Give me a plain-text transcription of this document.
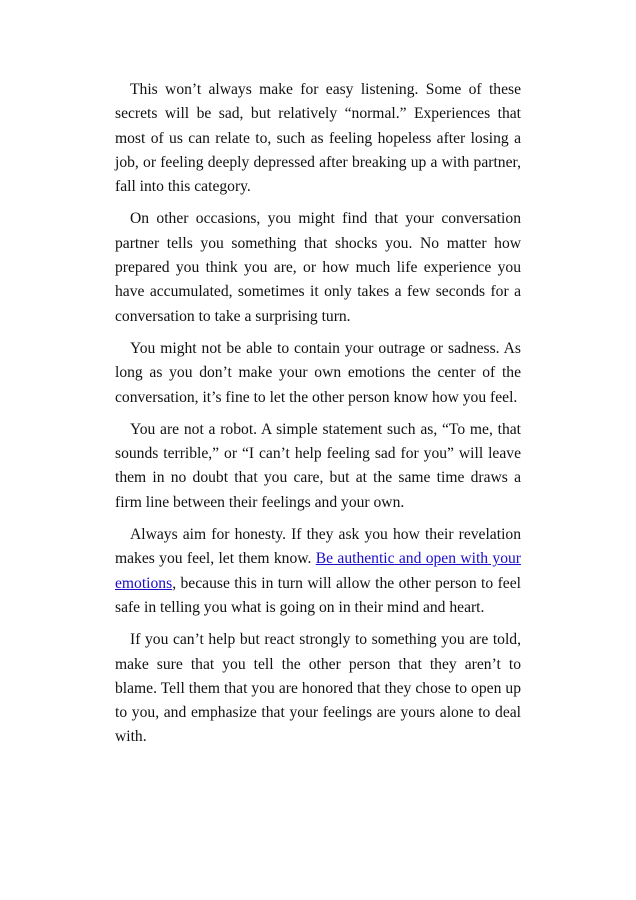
This won’t always make for easy listening. Some of these secrets will be sad, but relatively “normal.” Experiences that most of us can relate to, such as feeling hopeless after losing a job, or feeling deeply depressed after breaking up a with partner, fall into this category.

On other occasions, you might find that your conversation partner tells you something that shocks you. No matter how prepared you think you are, or how much life experience you have accumulated, sometimes it only takes a few seconds for a conversation to take a surprising turn.

You might not be able to contain your outrage or sadness. As long as you don’t make your own emotions the center of the conversation, it’s fine to let the other person know how you feel.

You are not a robot. A simple statement such as, “To me, that sounds terrible,” or “I can’t help feeling sad for you” will leave them in no doubt that you care, but at the same time draws a firm line between their feelings and your own.

Always aim for honesty. If they ask you how their revelation makes you feel, let them know. Be authentic and open with your emotions, because this in turn will allow the other person to feel safe in telling you what is going on in their mind and heart.

If you can’t help but react strongly to something you are told, make sure that you tell the other person that they aren’t to blame. Tell them that you are honored that they chose to open up to you, and emphasize that your feelings are yours alone to deal with.
